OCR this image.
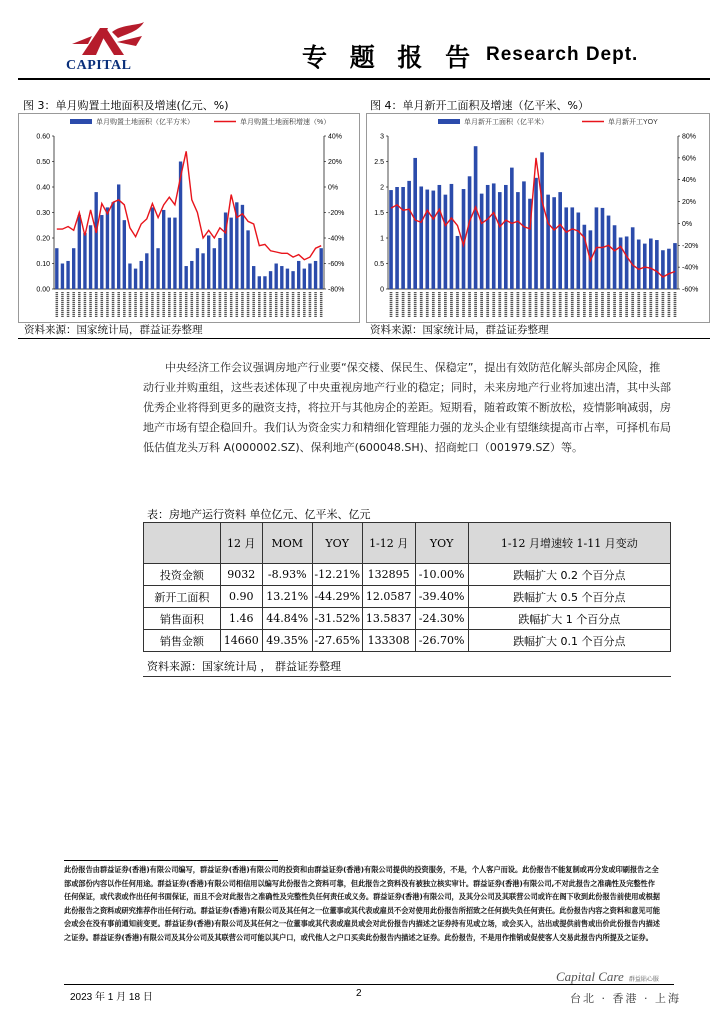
CAPITAL	专 题 报 告 Research Dept.
图 3：单月购置土地面积及增速(亿元、%)
单月购置土地面积（亿平方米）	单月购置土地面积增速（%）
0.60
0.50
0.40
0.30
0.20
0.10
0.00
40%
20%
0%
-20%
-40%
-60%
-80%
资料来源：国家统计局，群益证券整理
图 4：单月新开工面积及增速（亿平米、%）
单月新开工面积（亿平米）	单月新开工YOY
3
2.5
2
1.5
1
0.5
0
80%
60%
40%
20%
0%
-20%
-40%
-60%
资料来源：国家统计局，群益证券整理
中央经济工作会议强调房地产行业要“保交楼、保民生、保稳定”，提出有效防范化解头部房企风险，推动行业并购重组，这些表述体现了中央重视房地产行业的稳定；同时，未来房地产行业将加速出清，其中头部优秀企业将得到更多的融资支持，将拉开与其他房企的差距。短期看，随着政策不断放松，疫情影响减弱，房地产市场有望企稳回升。我们认为资金实力和精细化管理能力强的龙头企业有望继续提高市占率，可择机布局低估值龙头万科 A(000002.SZ)、保利地产(600048.SH)、招商蛇口（001979.SZ）等。
表：房地产运行资料 单位亿元、亿平米、亿元
	12 月	MOM	YOY	1-12 月	YOY	1-12 月增速较 1-11 月变动
投资金额	9032	-8.93%	-12.21%	132895	-10.00%	跌幅扩大 0.2 个百分点
新开工面积	0.90	13.21%	-44.29%	12.0587	-39.40%	跌幅扩大 0.5 个百分点
销售面积	1.46	44.84%	-31.52%	13.5837	-24.30%	跌幅扩大 1 个百分点
销售金额	14660	49.35%	-27.65%	133308	-26.70%	跌幅扩大 0.1 个百分点
资料来源：国家统计局 ， 群益证券整理
此份报告由群益证券(香港)有限公司编写，群益证券(香港)有限公司的投资和由群益证券(香港)有限公司提供的投资服务，不是，个人客户而设。此份报告不能复制或再分发或印刷报告之全部或部份内容以作任何用途。群益证券(香港)有限公司相信用以编写此份报告之资料可靠，但此报告之资料没有被独立核实审计。群益证券(香港)有限公司,不对此报告之准确性及完整性作任何保证，或代表或作出任何书面保证，而且不会对此报告之准确性及完整性负任何责任或义务。群益证券(香港)有限公司，及其分公司及其联营公司或许在阁下收到此份报告前使用或根据此份报告之资料或研究推荐作出任何行动。群益证券(香港)有限公司及其任何之一位董事或其代表或雇员不会对使用此份报告所招致之任何损失负任何责任。此份报告内容之资料和意见可能会或会在没有事前通知前变更。群益证券(香港)有限公司及其任何之一位董事或其代表或雇员或会对此份报告内描述之证券持有见或立场，或会买入，沽出或提供前售或出价此份报告内描述之证券。群益证券(香港)有限公司及其分公司及其联营公司可能以其户口，或代他人之户口买卖此份报告内描述之证券。此份报告，不是用作推销或促使客人交易此报告内所提及之证券。
Capital Care 群益貼心服
2023 年 1 月 18 日	2	台北 · 香港 · 上海
